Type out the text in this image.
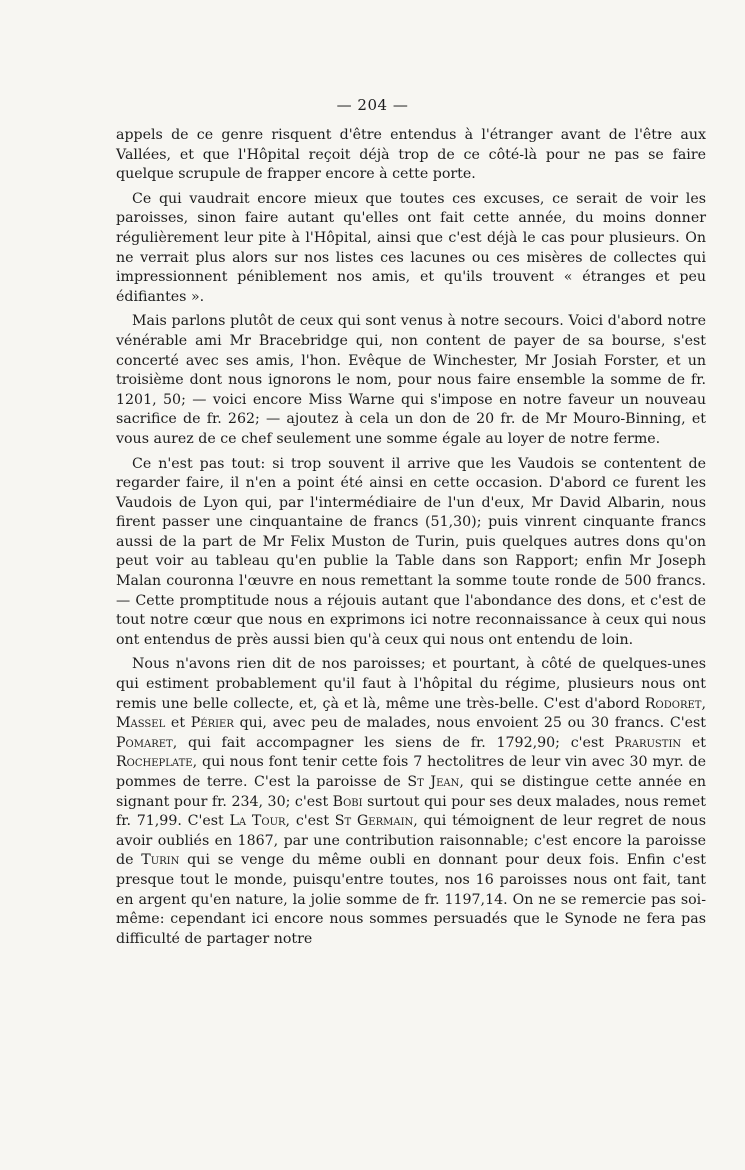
— 204 —

appels de ce genre risquent d'être entendus à l'étranger avant de l'être aux Vallées, et que l'Hôpital reçoit déjà trop de ce côté-là pour ne pas se faire quelque scrupule de frapper encore à cette porte.

Ce qui vaudrait encore mieux que toutes ces excuses, ce serait de voir les paroisses, sinon faire autant qu'elles ont fait cette année, du moins donner régulièrement leur pite à l'Hôpital, ainsi que c'est déjà le cas pour plusieurs. On ne verrait plus alors sur nos listes ces lacunes ou ces misères de collectes qui impressionnent péniblement nos amis, et qu'ils trouvent « étranges et peu édifiantes ».

Mais parlons plutôt de ceux qui sont venus à notre secours. Voici d'abord notre vénérable ami Mr Bracebridge qui, non content de payer de sa bourse, s'est concerté avec ses amis, l'hon. Evêque de Winchester, Mr Josiah Forster, et un troisième dont nous ignorons le nom, pour nous faire ensemble la somme de fr. 1201, 50; — voici encore Miss Warne qui s'impose en notre faveur un nouveau sacrifice de fr. 262; — ajoutez à cela un don de 20 fr. de Mr Mouro-Binning, et vous aurez de ce chef seulement une somme égale au loyer de notre ferme.

Ce n'est pas tout: si trop souvent il arrive que les Vaudois se contentent de regarder faire, il n'en a point été ainsi en cette occasion. D'abord ce furent les Vaudois de Lyon qui, par l'intermédiaire de l'un d'eux, Mr David Albarin, nous firent passer une cinquantaine de francs (51,30); puis vinrent cinquante francs aussi de la part de Mr Felix Muston de Turin, puis quelques autres dons qu'on peut voir au tableau qu'en publie la Table dans son Rapport; enfin Mr Joseph Malan couronna l'œuvre en nous remettant la somme toute ronde de 500 francs. — Cette promptitude nous a réjouis autant que l'abondance des dons, et c'est de tout notre cœur que nous en exprimons ici notre reconnaissance à ceux qui nous ont entendus de près aussi bien qu'à ceux qui nous ont entendu de loin.

Nous n'avons rien dit de nos paroisses; et pourtant, à côté de quelques-unes qui estiment probablement qu'il faut à l'hôpital du régime, plusieurs nous ont remis une belle collecte, et, çà et là, même une très-belle. C'est d'abord Rodoret, Massel et Périer qui, avec peu de malades, nous envoient 25 ou 30 francs. C'est Pomaret, qui fait accompagner les siens de fr. 1792,90; c'est Prarustin et Rocheplate, qui nous font tenir cette fois 7 hectolitres de leur vin avec 30 myr. de pommes de terre. C'est la paroisse de St Jean, qui se distingue cette année en signant pour fr. 234, 30; c'est Bobi surtout qui pour ses deux malades, nous remet fr. 71,99. C'est La Tour, c'est St Germain, qui témoignent de leur regret de nous avoir oubliés en 1867, par une contribution raisonnable; c'est encore la paroisse de Turin qui se venge du même oubli en donnant pour deux fois. Enfin c'est presque tout le monde, puisqu'entre toutes, nos 16 paroisses nous ont fait, tant en argent qu'en nature, la jolie somme de fr. 1197,14. On ne se remercie pas soi-même: cependant ici encore nous sommes persuadés que le Synode ne fera pas difficulté de partager notre
